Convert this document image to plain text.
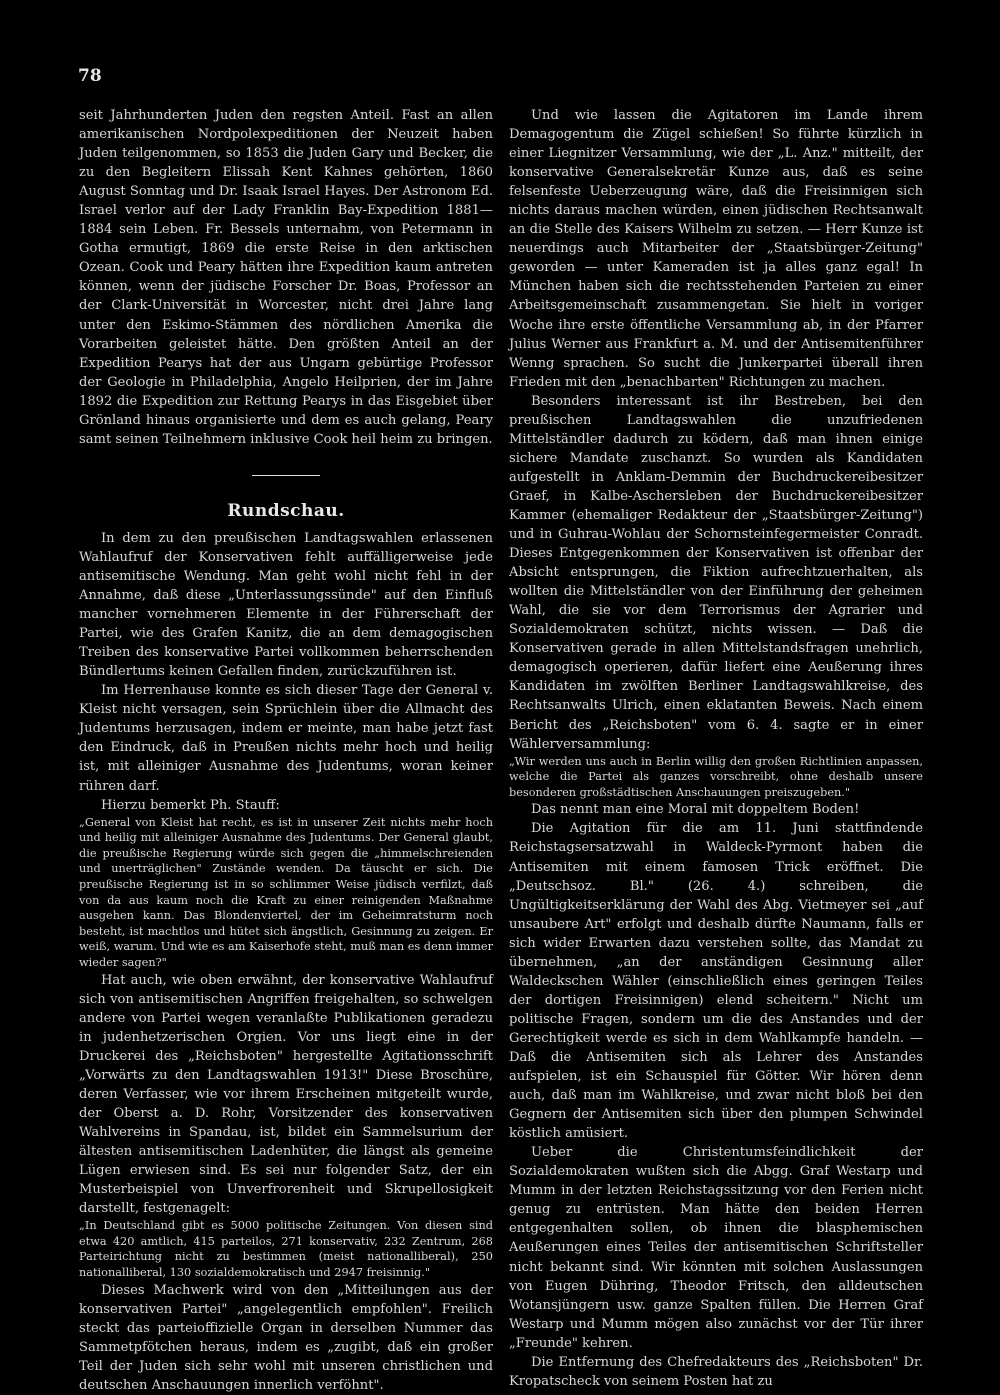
78

seit Jahrhunderten Juden den regsten Anteil. Fast an allen amerikanischen Nordpolexpeditionen der Neuzeit haben Juden teilgenommen, so 1853 die Juden Gary und Becker, die zu den Begleitern Elissah Kent Kahnes gehörten, 1860 August Sonntag und Dr. Isaak Israel Hayes. Der Astronom Ed. Israel verlor auf der Lady Franklin Bay-Expedition 1881—1884 sein Leben. Fr. Bessels unternahm, von Petermann in Gotha ermutigt, 1869 die erste Reise in den arktischen Ozean. Cook und Peary hätten ihre Expedition kaum antreten können, wenn der jüdische Forscher Dr. Boas, Professor an der Clark-Universität in Worcester, nicht drei Jahre lang unter den Eskimo-Stämmen des nördlichen Amerika die Vorarbeiten geleistet hätte. Den größten Anteil an der Expedition Pearys hat der aus Ungarn gebürtige Professor der Geologie in Philadelphia, Angelo Heilprien, der im Jahre 1892 die Expedition zur Rettung Pearys in das Eisgebiet über Grönland hinaus organisierte und dem es auch gelang, Peary samt seinen Teilnehmern inklusive Cook heil heim zu bringen.

Rundschau.

In dem zu den preußischen Landtagswahlen erlassenen Wahlaufruf der Konservativen fehlt auffälligerweise jede antisemitische Wendung. Man geht wohl nicht fehl in der Annahme, daß diese „Unterlassungssünde" auf den Einfluß mancher vornehmeren Elemente in der Führerschaft der Partei, wie des Grafen Kanitz, die an dem demagogischen Treiben des konservative Partei vollkommen beherrschenden Bündlertums keinen Gefallen finden, zurückzuführen ist.

Im Herrenhause konnte es sich dieser Tage der General v. Kleist nicht versagen, sein Sprüchlein über die Allmacht des Judentums herzusagen, indem er meinte, man habe jetzt fast den Eindruck, daß in Preußen nichts mehr hoch und heilig ist, mit alleiniger Ausnahme des Judentums, woran keiner rühren darf.

Hierzu bemerkt Ph. Stauff:

„General von Kleist hat recht, es ist in unserer Zeit nichts mehr hoch und heilig mit alleiniger Ausnahme des Judentums. Der General glaubt, die preußische Regierung würde sich gegen die „himmelschreienden und unerträglichen" Zustände wenden. Da täuscht er sich. Die preußische Regierung ist in so schlimmer Weise jüdisch verfilzt, daß von da aus kaum noch die Kraft zu einer reinigenden Maßnahme ausgehen kann. Das Blondenviertel, der im Geheimratsturm noch besteht, ist machtlos und hütet sich ängstlich, Gesinnung zu zeigen. Er weiß, warum. Und wie es am Kaiserhofe steht, muß man es denn immer wieder sagen?"

Hat auch, wie oben erwähnt, der konservative Wahlaufruf sich von antisemitischen Angriffen freigehalten, so schwelgen andere von Partei wegen veranlaßte Publikationen geradezu in judenhetzerischen Orgien. Vor uns liegt eine in der Druckerei des „Reichsboten" hergestellte Agitationsschrift „Vorwärts zu den Landtagswahlen 1913!" Diese Broschüre, deren Verfasser, wie vor ihrem Erscheinen mitgeteilt wurde, der Oberst a. D. Rohr, Vorsitzender des konservativen Wahlvereins in Spandau, ist, bildet ein Sammelsurium der ältesten antisemitischen Ladenhüter, die längst als gemeine Lügen erwiesen sind. Es sei nur folgender Satz, der ein Musterbeispiel von Unverfrorenheit und Skrupellosigkeit darstellt, festgenagelt:

„In Deutschland gibt es 5000 politische Zeitungen. Von diesen sind etwa 420 amtlich, 415 parteilos, 271 konservativ, 232 Zentrum, 268 Parteirichtung nicht zu bestimmen (meist nationalliberal), 250 nationalliberal, 130 sozialdemokratisch und 2947 freisinnig."

Dieses Machwerk wird von den „Mitteilungen aus der konservativen Partei" „angelegentlich empfohlen". Freilich steckt das parteioffizielle Organ in derselben Nummer das Sammetpfötchen heraus, indem es „zugibt, daß ein großer Teil der Juden sich sehr wohl mit unseren christlichen und deutschen Anschauungen innerlich verföhnt".

Und wie lassen die Agitatoren im Lande ihrem Demagogentum die Zügel schießen! So führte kürzlich in einer Liegnitzer Versammlung, wie der „L. Anz." mitteilt, der konservative Generalsekretär Kunze aus, daß es seine felsenfeste Ueberzeugung wäre, daß die Freisinnigen sich nichts daraus machen würden, einen jüdischen Rechtsanwalt an die Stelle des Kaisers Wilhelm zu setzen. — Herr Kunze ist neuerdings auch Mitarbeiter der „Staatsbürger-Zeitung" geworden — unter Kameraden ist ja alles ganz egal! In München haben sich die rechtsstehenden Parteien zu einer Arbeitsgemeinschaft zusammengetan. Sie hielt in voriger Woche ihre erste öffentliche Versammlung ab, in der Pfarrer Julius Werner aus Frankfurt a. M. und der Antisemitenführer Wenng sprachen. So sucht die Junkerpartei überall ihren Frieden mit den „benachbarten" Richtungen zu machen.

Besonders interessant ist ihr Bestreben, bei den preußischen Landtagswahlen die unzufriedenen Mittelständler dadurch zu ködern, daß man ihnen einige sichere Mandate zuschanzt. So wurden als Kandidaten aufgestellt in Anklam-Demmin der Buchdruckereibesitzer Graef, in Kalbe-Aschersleben der Buchdruckereibesitzer Kammer (ehemaliger Redakteur der „Staatsbürger-Zeitung") und in Guhrau-Wohlau der Schornsteinfegermeister Conradt. Dieses Entgegenkommen der Konservativen ist offenbar der Absicht entsprungen, die Fiktion aufrechtzuerhalten, als wollten die Mittelständler von der Einführung der geheimen Wahl, die sie vor dem Terrorismus der Agrarier und Sozialdemokraten schützt, nichts wissen. — Daß die Konservativen gerade in allen Mittelstandsfragen unehrlich, demagogisch operieren, dafür liefert eine Aeußerung ihres Kandidaten im zwölften Berliner Landtagswahlkreise, des Rechtsanwalts Ulrich, einen eklatanten Beweis. Nach einem Bericht des „Reichsboten" vom 6. 4. sagte er in einer Wählerversammlung:

„Wir werden uns auch in Berlin willig den großen Richtlinien anpassen, welche die Partei als ganzes vorschreibt, ohne deshalb unsere besonderen großstädtischen Anschauungen preiszugeben."

Das nennt man eine Moral mit doppeltem Boden!

Die Agitation für die am 11. Juni stattfindende Reichstagsersatzwahl in Waldeck-Pyrmont haben die Antisemiten mit einem famosen Trick eröffnet. Die „Deutschsoz. Bl." (26. 4.) schreiben, die Ungültigkeitserklärung der Wahl des Abg. Vietmeyer sei „auf unsaubere Art" erfolgt und deshalb dürfte Naumann, falls er sich wider Erwarten dazu verstehen sollte, das Mandat zu übernehmen, „an der anständigen Gesinnung aller Waldeckschen Wähler (einschließlich eines geringen Teiles der dortigen Freisinnigen) elend scheitern." Nicht um politische Fragen, sondern um die des Anstandes und der Gerechtigkeit werde es sich in dem Wahlkampfe handeln. — Daß die Antisemiten sich als Lehrer des Anstandes aufspielen, ist ein Schauspiel für Götter. Wir hören denn auch, daß man im Wahlkreise, und zwar nicht bloß bei den Gegnern der Antisemiten sich über den plumpen Schwindel köstlich amüsiert.

Ueber die Christentumsfeindlichkeit der Sozialdemokraten wußten sich die Abgg. Graf Westarp und Mumm in der letzten Reichstagssitzung vor den Ferien nicht genug zu entrüsten. Man hätte den beiden Herren entgegenhalten sollen, ob ihnen die blasphemischen Aeußerungen eines Teiles der antisemitischen Schriftsteller nicht bekannt sind. Wir könnten mit solchen Auslassungen von Eugen Dühring, Theodor Fritsch, den alldeutschen Wotansjüngern usw. ganze Spalten füllen. Die Herren Graf Westarp und Mumm mögen also zunächst vor der Tür ihrer „Freunde" kehren.

Die Entfernung des Chefredakteurs des „Reichsboten" Dr. Kropatscheck von seinem Posten hat zu
